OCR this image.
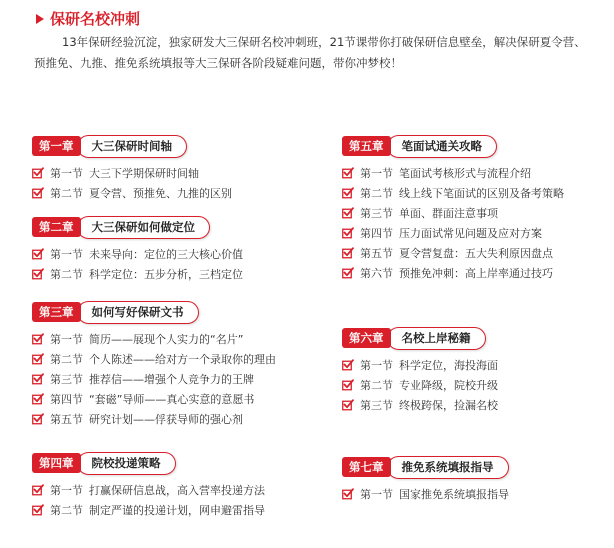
保研名校冲刺
13年保研经验沉淀，独家研发大三保研名校冲刺班，21节课带你打破保研信息壁垒，解决保研夏令营、预推免、九推、推免系统填报等大三保研各阶段疑难问题，带你冲梦校！
第一章	大三保研时间轴
第一节 大三下学期保研时间轴
第二节 夏令营、预推免、九推的区别
第二章	大三保研如何做定位
第一节 未来导向：定位的三大核心价值
第二节 科学定位：五步分析，三档定位
第三章	如何写好保研文书
第一节 简历——展现个人实力的“名片”
第二节 个人陈述——给对方一个录取你的理由
第三节 推荐信——增强个人竞争力的王牌
第四节 “套磁”导师——真心实意的意愿书
第五节 研究计划——俘获导师的强心剂
第四章	院校投递策略
第一节 打赢保研信息战，高入营率投递方法
第二节 制定严谨的投递计划，网申避雷指导
第五章	笔面试通关攻略
第一节 笔面试考核形式与流程介绍
第二节 线上线下笔面试的区别及备考策略
第三节 单面、群面注意事项
第四节 压力面试常见问题及应对方案
第五节 夏令营复盘：五大失利原因盘点
第六节 预推免冲刺：高上岸率通过技巧
第六章	名校上岸秘籍
第一节 科学定位，海投海面
第二节 专业降级，院校升级
第三节 终极跨保，捡漏名校
第七章	推免系统填报指导
第一节 国家推免系统填报指导
